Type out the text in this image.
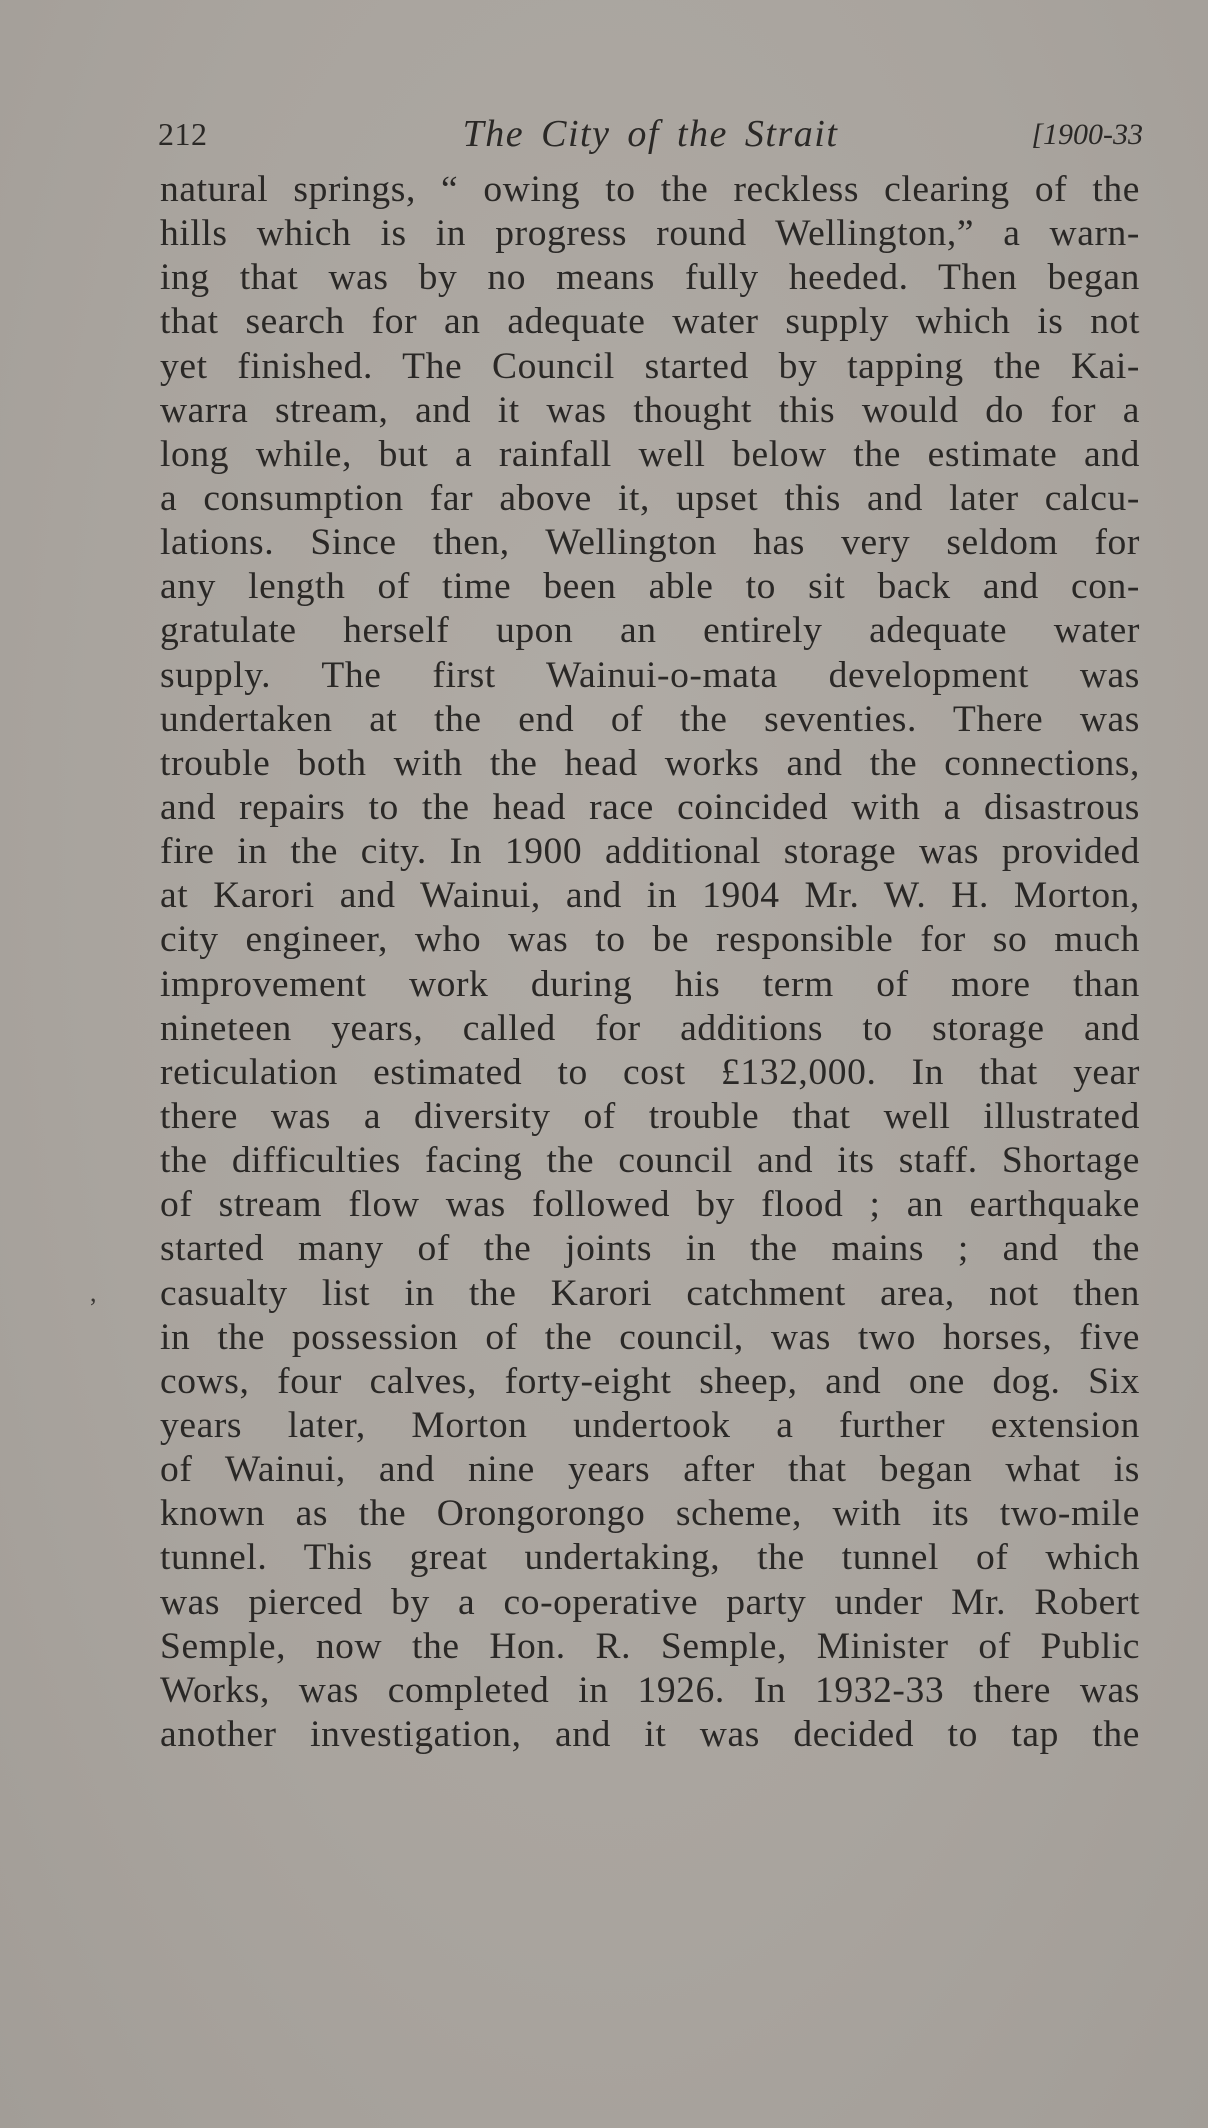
212	The City of the Strait	[1900-33
,
natural springs, “ owing to the reckless clearing of the
hills which is in progress round Wellington,” a warn-
ing that was by no means fully heeded. Then began
that search for an adequate water supply which is not
yet finished. The Council started by tapping the Kai-
warra stream, and it was thought this would do for a
long while, but a rainfall well below the estimate and
a consumption far above it, upset this and later calcu-
lations. Since then, Wellington has very seldom for
any length of time been able to sit back and con-
gratulate herself upon an entirely adequate water
supply. The first Wainui-o-mata development was
undertaken at the end of the seventies. There was
trouble both with the head works and the connections,
and repairs to the head race coincided with a disastrous
fire in the city. In 1900 additional storage was provided
at Karori and Wainui, and in 1904 Mr. W. H. Morton,
city engineer, who was to be responsible for so much
improvement work during his term of more than
nineteen years, called for additions to storage and
reticulation estimated to cost £132,000. In that year
there was a diversity of trouble that well illustrated
the difficulties facing the council and its staff. Shortage
of stream flow was followed by flood ; an earthquake
started many of the joints in the mains ; and the
casualty list in the Karori catchment area, not then
in the possession of the council, was two horses, five
cows, four calves, forty-eight sheep, and one dog. Six
years later, Morton undertook a further extension
of Wainui, and nine years after that began what is
known as the Orongorongo scheme, with its two-mile
tunnel. This great undertaking, the tunnel of which
was pierced by a co-operative party under Mr. Robert
Semple, now the Hon. R. Semple, Minister of Public
Works, was completed in 1926. In 1932-33 there was
another investigation, and it was decided to tap the
